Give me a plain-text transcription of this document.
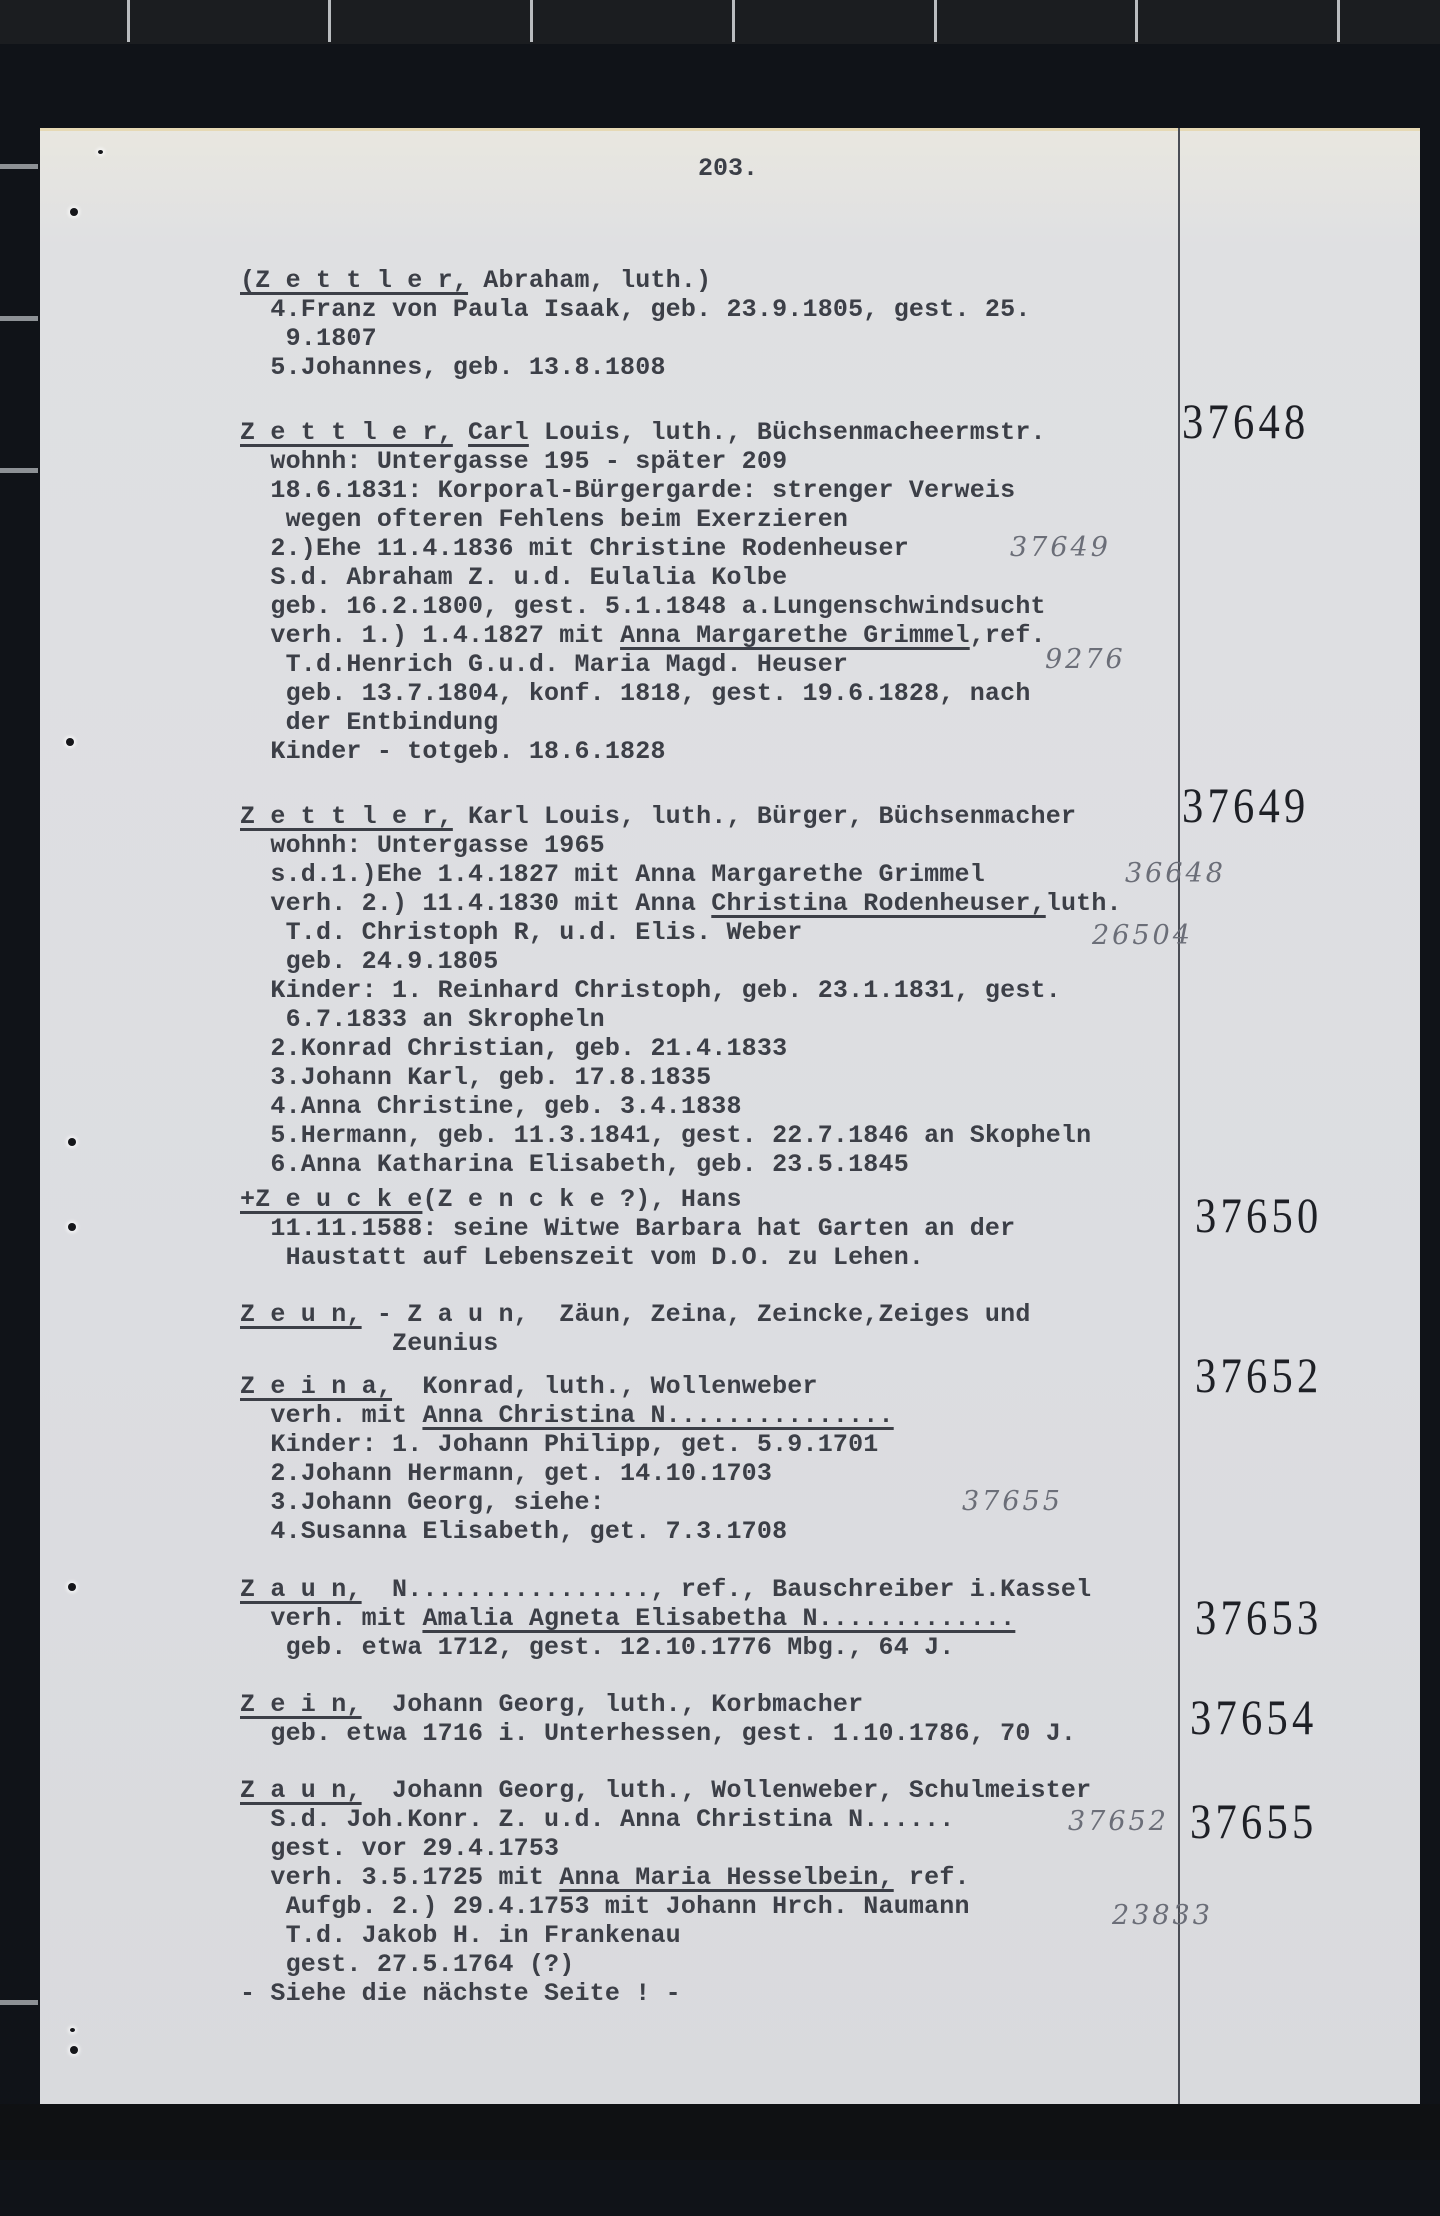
203.

(Z e t t l e r, Abraham, luth.)

4.Franz von Paula Isaak, geb. 23.9.1805, gest. 25.

9.1807

5.Johannes, geb. 13.8.1808

Z e t t l e r, Carl Louis, luth., Büchsenmacheermstr.

wohnh: Untergasse 195 - später 209

18.6.1831: Korporal-Bürgergarde: strenger Verweis

wegen ofteren Fehlens beim Exerzieren

2.)Ehe 11.4.1836 mit Christine Rodenheuser

S.d. Abraham Z. u.d. Eulalia Kolbe

geb. 16.2.1800, gest. 5.1.1848 a.Lungenschwindsucht

verh. 1.) 1.4.1827 mit Anna Margarethe Grimmel,ref.

T.d.Henrich G.u.d. Maria Magd. Heuser

geb. 13.7.1804, konf. 1818, gest. 19.6.1828, nach

der Entbindung

Kinder - totgeb. 18.6.1828

Z e t t l e r, Karl Louis, luth., Bürger, Büchsenmacher

wohnh: Untergasse 1965

s.d.1.)Ehe 1.4.1827 mit Anna Margarethe Grimmel

verh. 2.) 11.4.1830 mit Anna Christina Rodenheuser,luth.

T.d. Christoph R, u.d. Elis. Weber

geb. 24.9.1805

Kinder: 1. Reinhard Christoph, geb. 23.1.1831, gest.

6.7.1833 an Skropheln

2.Konrad Christian, geb. 21.4.1833

3.Johann Karl, geb. 17.8.1835

4.Anna Christine, geb. 3.4.1838

5.Hermann, geb. 11.3.1841, gest. 22.7.1846 an Skopheln

6.Anna Katharina Elisabeth, geb. 23.5.1845

+Z e u c k e(Z e n c k e ?), Hans

11.11.1588: seine Witwe Barbara hat Garten an der

Haustatt auf Lebenszeit vom D.O. zu Lehen.

Z e u n, - Z a u n,  Zäun, Zeina, Zeincke,Zeiges und

Zeunius

Z e i n a,  Konrad, luth., Wollenweber

verh. mit Anna Christina N...............

Kinder: 1. Johann Philipp, get. 5.9.1701

2.Johann Hermann, get. 14.10.1703

3.Johann Georg, siehe:

4.Susanna Elisabeth, get. 7.3.1708

Z a u n,  N................, ref., Bauschreiber i.Kassel

verh. mit Amalia Agneta Elisabetha N.............

geb. etwa 1712, gest. 12.10.1776 Mbg., 64 J.

Z e i n,  Johann Georg, luth., Korbmacher

geb. etwa 1716 i. Unterhessen, gest. 1.10.1786, 70 J.

Z a u n,  Johann Georg, luth., Wollenweber, Schulmeister

S.d. Joh.Konr. Z. u.d. Anna Christina N......

gest. vor 29.4.1753

verh. 3.5.1725 mit Anna Maria Hesselbein, ref.

Aufgb. 2.) 29.4.1753 mit Johann Hrch. Naumann

T.d. Jakob H. in Frankenau

gest. 27.5.1764 (?)

- Siehe die nächste Seite ! -

37648
37649
37650
37652
37653
37654
37655
37649
9276
36648
26504
37655
37652
23833
